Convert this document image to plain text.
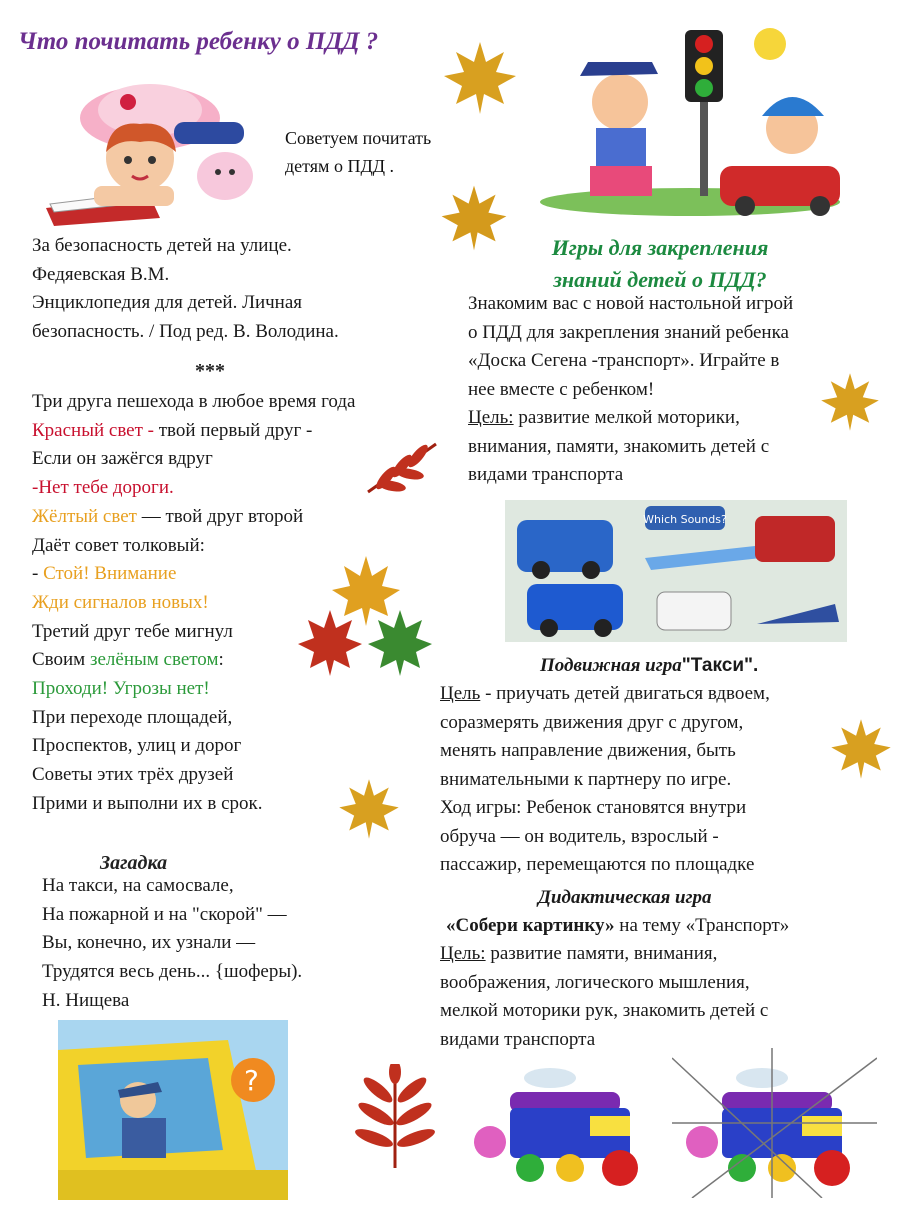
Что почитать ребенку о ПДД ?
Советуем почитать
детям о ПДД .
За безопасность детей на улице.
Федяевская В.М.
Энциклопедия для детей. Личная
безопасность. / Под ред. В. Володина.
***
Три друга пешехода в любое время года
Красный свет - твой первый друг -
Если он зажёгся вдруг
-Нет тебе дороги.
Жёлтый свет — твой друг второй
Даёт совет толковый:
- Стой! Внимание
Жди сигналов новых!
Третий друг тебе мигнул
Своим зелёным светом:
Проходи! Угрозы нет!
При переходе площадей,
Проспектов, улиц и дорог
Советы этих трёх друзей
Прими и выполни их в срок.
Загадка
На такси, на самосвале,
На пожарной и на "скорой" —
Вы, конечно, их узнали —
Трудятся весь день... {шоферы).
Н. Нищева
?
Игры для закрепления
знаний детей о ПДД?
Знакомим вас с новой настольной игрой
о ПДД для закрепления знаний ребенка
«Доска Сегена -транспорт». Играйте в
нее вместе с ребенком!
Цель: развитие мелкой моторики,
внимания, памяти, знакомить детей с
видами транспорта
Which Sounds?
Подвижная игра"Такси".
Цель - приучать детей двигаться вдвоем,
соразмерять движения друг с другом,
менять направление движения, быть
внимательными к партнеру по игре.
Ход игры: Ребенок становятся внутри
обруча — он водитель, взрослый -
пассажир, перемещаются по площадке
Дидактическая игра
«Собери картинку» на тему «Транспорт»
Цель: развитие памяти, внимания,
воображения, логического мышления,
мелкой моторики рук, знакомить детей с
видами транспорта
